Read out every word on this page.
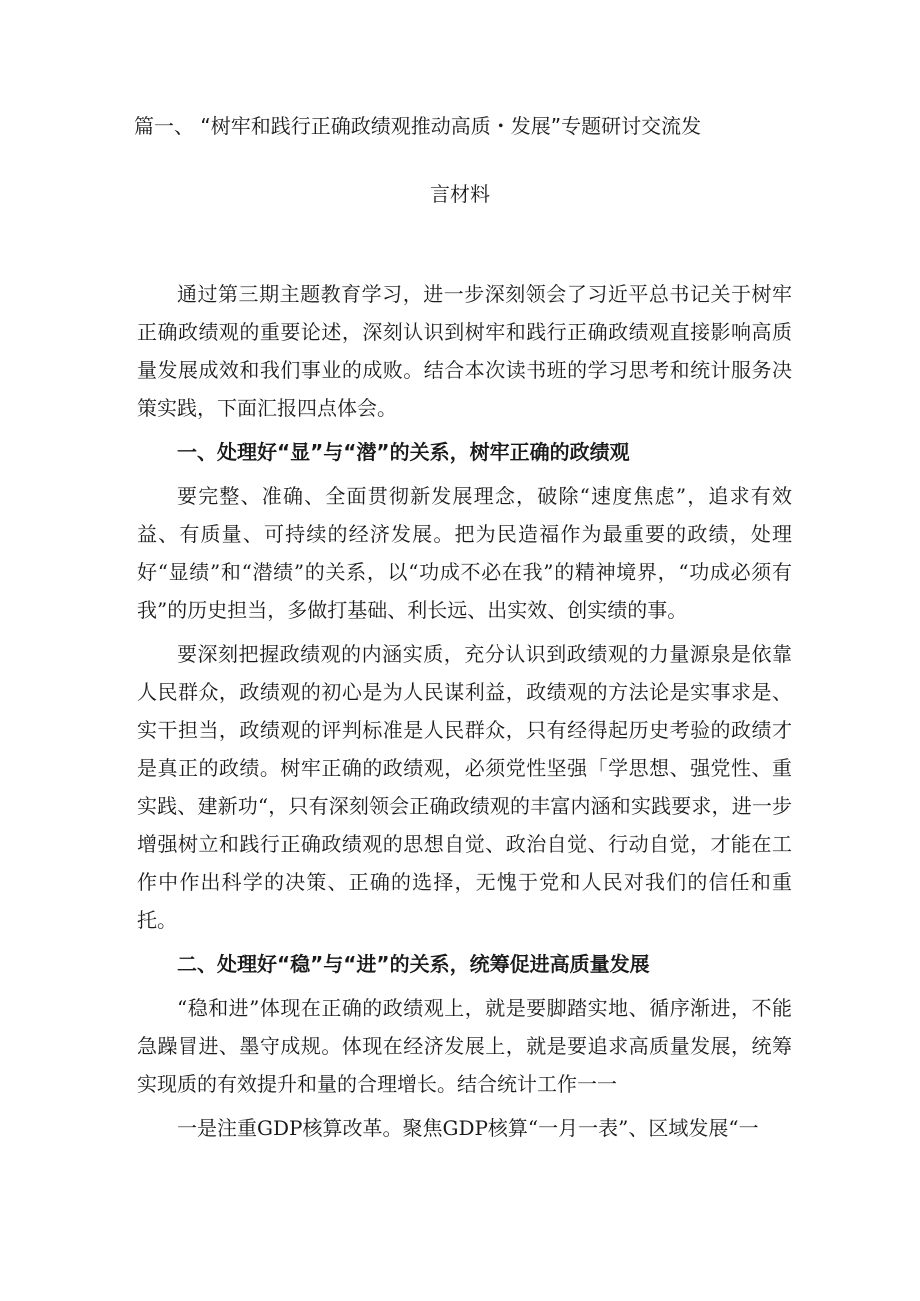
篇一、 “树牢和践行正确政绩观推动高质・发展”专题研讨交流发
言材料

通过第三期主题教育学习，进一步深刻领会了习近平总书记关于树牢正确政绩观的重要论述，深刻认识到树牢和践行正确政绩观直接影响高质量发展成效和我们事业的成败。结合本次读书班的学习思考和统计服务决策实践，下面汇报四点体会。

一、处理好“显”与“潜”的关系，树牢正确的政绩观

要完整、准确、全面贯彻新发展理念，破除“速度焦虑”，追求有效益、有质量、可持续的经济发展。把为民造福作为最重要的政绩，处理好“显绩”和“潜绩”的关系，以“功成不必在我”的精神境界，“功成必须有我”的历史担当，多做打基础、利长远、出实效、创实绩的事。

要深刻把握政绩观的内涵实质，充分认识到政绩观的力量源泉是依靠人民群众，政绩观的初心是为人民谋利益，政绩观的方法论是实事求是、实干担当，政绩观的评判标准是人民群众，只有经得起历史考验的政绩才是真正的政绩。树牢正确的政绩观，必须党性坚强「学思想、强党性、重实践、建新功“，只有深刻领会正确政绩观的丰富内涵和实践要求，进一步增强树立和践行正确政绩观的思想自觉、政治自觉、行动自觉，才能在工作中作出科学的决策、正确的选择，无愧于党和人民对我们的信任和重托。

二、处理好“稳”与“进”的关系，统筹促进高质量发展

“稳和进”体现在正确的政绩观上，就是要脚踏实地、循序渐进，不能急躁冒进、墨守成规。体现在经济发展上，就是要追求高质量发展，统筹实现质的有效提升和量的合理增长。结合统计工作一一

一是注重GDP核算改革。聚焦GDP核算“一月一表”、区域发展“一
